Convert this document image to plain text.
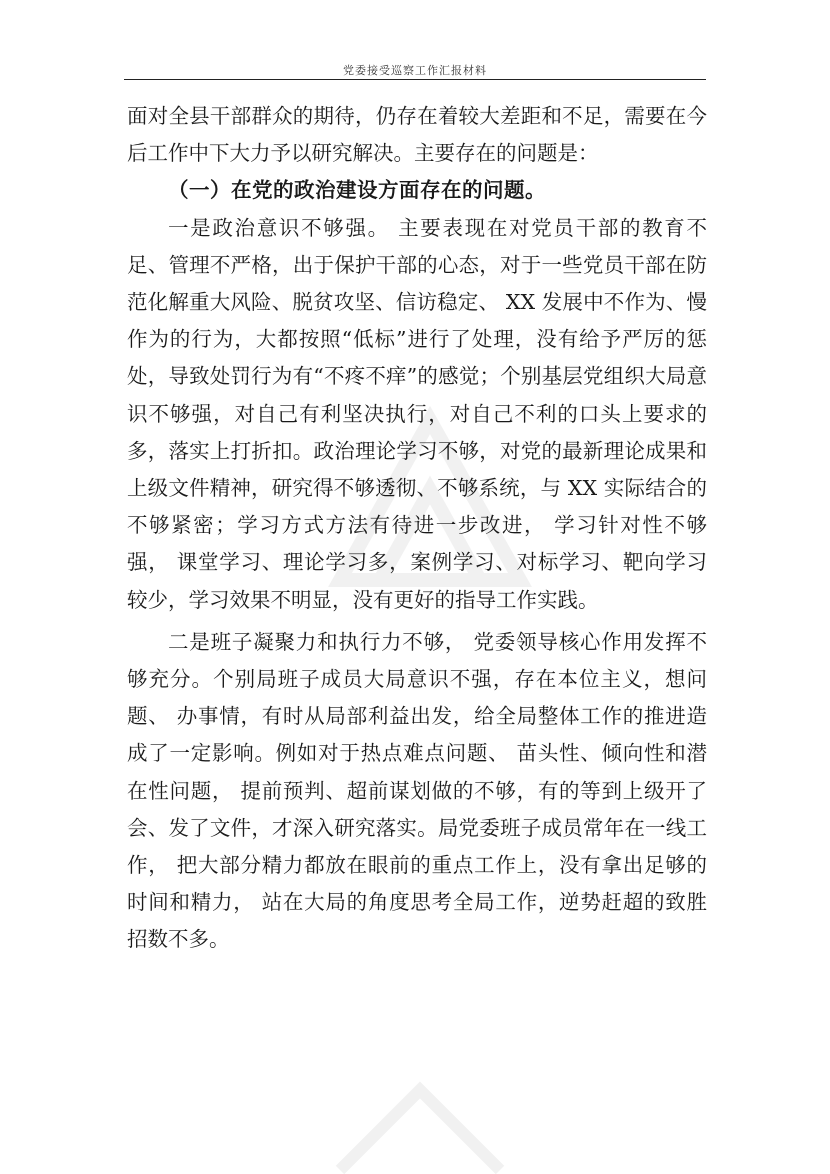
党委接受巡察工作汇报材料

面对全县干部群众的期待，仍存在着较大差距和不足，需要在今后工作中下大力予以研究解决。主要存在的问题是：

（一）在党的政治建设方面存在的问题。

一是政治意识不够强。 主要表现在对党员干部的教育不足、管理不严格，出于保护干部的心态，对于一些党员干部在防范化解重大风险、脱贫攻坚、信访稳定、 XX 发展中不作为、慢作为的行为，大都按照“低标”进行了处理，没有给予严厉的惩处，导致处罚行为有“不疼不痒”的感觉；个别基层党组织大局意识不够强，对自己有利坚决执行，对自己不利的口头上要求的多，落实上打折扣。政治理论学习不够，对党的最新理论成果和上级文件精神，研究得不够透彻、不够系统，与 XX 实际结合的不够紧密；学习方式方法有待进一步改进， 学习针对性不够强， 课堂学习、理论学习多，案例学习、对标学习、靶向学习较少，学习效果不明显，没有更好的指导工作实践。

二是班子凝聚力和执行力不够， 党委领导核心作用发挥不够充分。个别局班子成员大局意识不强，存在本位主义，想问题、 办事情，有时从局部利益出发，给全局整体工作的推进造成了一定影响。例如对于热点难点问题、 苗头性、倾向性和潜在性问题， 提前预判、超前谋划做的不够，有的等到上级开了会、发了文件，才深入研究落实。局党委班子成员常年在一线工作， 把大部分精力都放在眼前的重点工作上，没有拿出足够的时间和精力， 站在大局的角度思考全局工作，逆势赶超的致胜招数不多。
